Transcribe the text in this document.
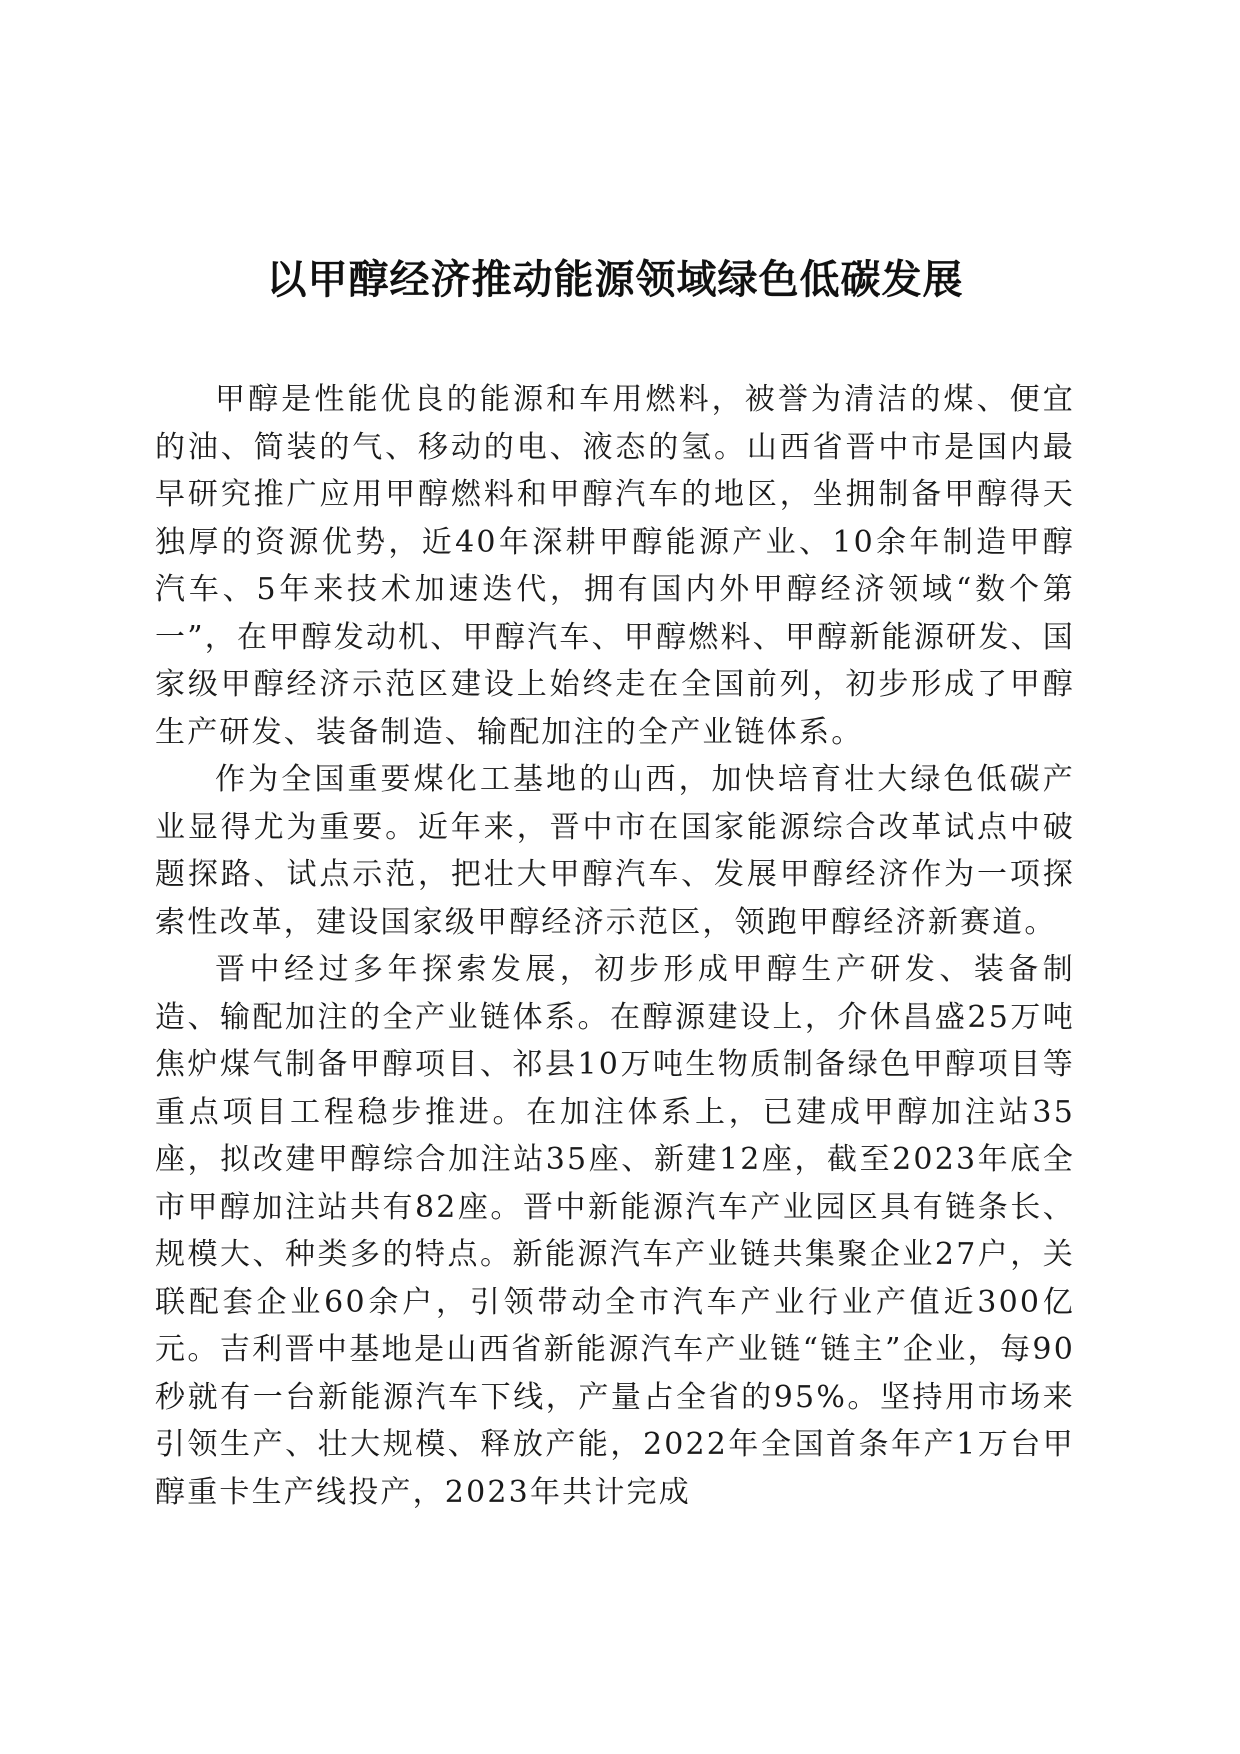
以甲醇经济推动能源领域绿色低碳发展

甲醇是性能优良的能源和车用燃料，被誉为清洁的煤、便宜的油、简装的气、移动的电、液态的氢。山西省晋中市是国内最早研究推广应用甲醇燃料和甲醇汽车的地区，坐拥制备甲醇得天独厚的资源优势，近40年深耕甲醇能源产业、10余年制造甲醇汽车、5年来技术加速迭代，拥有国内外甲醇经济领域“数个第一”，在甲醇发动机、甲醇汽车、甲醇燃料、甲醇新能源研发、国家级甲醇经济示范区建设上始终走在全国前列，初步形成了甲醇生产研发、装备制造、输配加注的全产业链体系。

作为全国重要煤化工基地的山西，加快培育壮大绿色低碳产业显得尤为重要。近年来，晋中市在国家能源综合改革试点中破题探路、试点示范，把壮大甲醇汽车、发展甲醇经济作为一项探索性改革，建设国家级甲醇经济示范区，领跑甲醇经济新赛道。

晋中经过多年探索发展，初步形成甲醇生产研发、装备制造、输配加注的全产业链体系。在醇源建设上，介休昌盛25万吨焦炉煤气制备甲醇项目、祁县10万吨生物质制备绿色甲醇项目等重点项目工程稳步推进。在加注体系上，已建成甲醇加注站35座，拟改建甲醇综合加注站35座、新建12座，截至2023年底全市甲醇加注站共有82座。晋中新能源汽车产业园区具有链条长、规模大、种类多的特点。新能源汽车产业链共集聚企业27户，关联配套企业60余户，引领带动全市汽车产业行业产值近300亿元。吉利晋中基地是山西省新能源汽车产业链“链主”企业，每90秒就有一台新能源汽车下线，产量占全省的95%。坚持用市场来引领生产、壮大规模、释放产能，2022年全国首条年产1万台甲醇重卡生产线投产，2023年共计完成
